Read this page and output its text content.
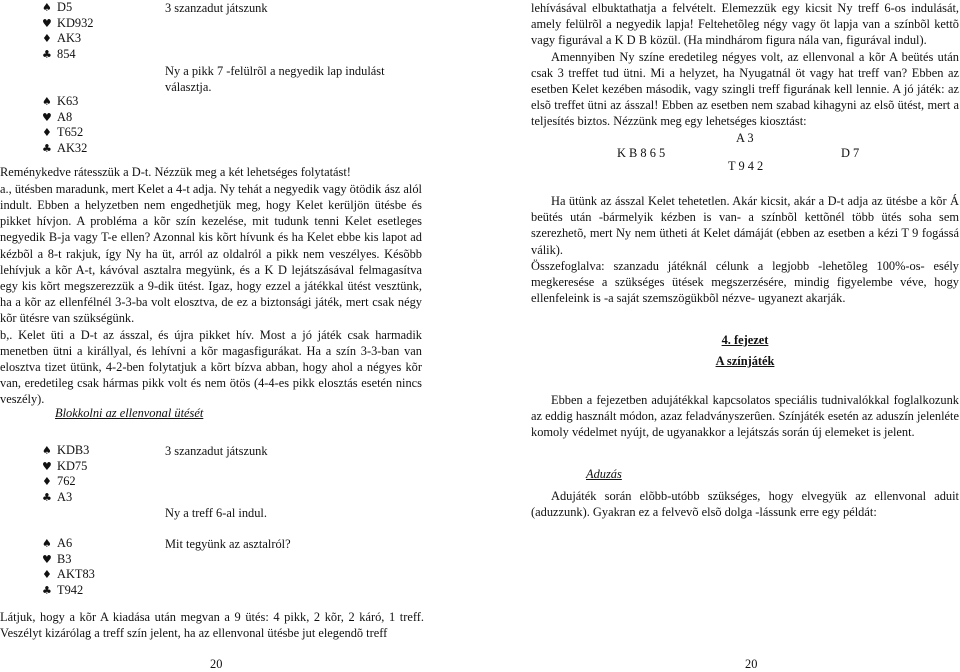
♠ D5
♥ KD932
♦ AK3
♣ 854
3 szanzadut játszunk
Ny a pikk 7 -felülrõl a negyedik lap indulást választja.
♠ K63
♥ A8
♦ T652
♣ AK32

Reménykedve rátesszük a D-t. Nézzük meg a két lehetséges folytatást!

a., ütésben maradunk, mert Kelet a 4-t adja. Ny tehát a negyedik vagy ötödik ász alól indult. Ebben a helyzetben nem engedhetjük meg, hogy Kelet kerüljön ütésbe és pikket hívjon. A probléma a kõr szín kezelése, mit tudunk tenni Kelet esetleges negyedik B-ja vagy T-e ellen? Azonnal kis kõrt hívunk és ha Kelet ebbe kis lapot ad kézbõl a 8-t rakjuk, így Ny ha üt, arról az oldalról a pikk nem veszélyes. Késõbb lehívjuk a kõr A-t, kávóval asztalra megyünk, és a K D lejátszásával felmagasítva egy kis kõrt megszerezzük a 9-dik ütést. Igaz, hogy ezzel a játékkal ütést vesztünk, ha a kõr az ellenfélnél 3-3-ba volt elosztva, de ez a biztonsági játék, mert csak négy kõr ütésre van szükségünk.

b,. Kelet üti a D-t az ásszal, és újra pikket hív. Most a jó játék csak harmadik menetben ütni a királlyal, és lehívni a kõr magasfigurákat. Ha a szín 3-3-ban van elosztva tizet ütünk, 4-2-ben folytatjuk a kõrt bízva abban, hogy ahol a négyes kõr van, eredetileg csak hármas pikk volt és nem ötös (4-4-es pikk elosztás esetén nincs veszély).

Blokkolni az ellenvonal ütését
♠ KDB3
♥ KD75
♦ 762
♣ A3
3 szanzadut játszunk
Ny a treff 6-al indul.
Mit tegyünk az asztalról?
♠ A6
♥ B3
♦ AKT83
♣ T942
Látjuk, hogy a kõr A kiadása után megvan a 9 ütés: 4 pikk, 2 kõr, 2 káró, 1 treff. Veszélyt kizárólag a treff szín jelent, ha az ellenvonal ütésbe jut elegendõ treff
20

lehívásával elbuktathatja a felvételt. Elemezzük egy kicsit Ny treff 6-os indulását, amely felülrõl a negyedik lapja! Feltehetõleg négy vagy öt lapja van a színbõl kettõ vagy figurával a K D B közül. (Ha mindhárom figura nála van, figurával indul).

Amennyiben Ny színe eredetileg négyes volt, az ellenvonal a kõr A beütés után csak 3 treffet tud ütni. Mi a helyzet, ha Nyugatnál öt vagy hat treff van? Ebben az esetben Kelet kezében második, vagy szingli treff figurának kell lennie. A jó játék: az elsõ treffet ütni az ásszal! Ebben az esetben nem szabad kihagyni az elsõ ütést, mert a teljesítés biztos. Nézzünk meg egy lehetséges kiosztást:

A 3
K B 8 6 5	D 7
T 9 4 2

Ha ütünk az ásszal Kelet tehetetlen. Akár kicsit, akár a D-t adja az ütésbe a kõr Á beütés után -bármelyik kézben is van- a színbõl kettõnél több ütés soha sem szerezhetõ, mert Ny nem ütheti át Kelet dámáját (ebben az esetben a kézi T 9 fogássá válik).

Összefoglalva: szanzadu játéknál célunk a legjobb -lehetõleg 100%-os- esély megkeresése a szükséges ütések megszerzésére, mindig figyelembe véve, hogy ellenfeleink is -a saját szemszögükbõl nézve- ugyanezt akarják.

4. fejezet
A színjáték
Ebben a fejezetben adujátékkal kapcsolatos speciális tudnivalókkal foglalkozunk az eddig használt módon, azaz feladványszerûen. Színjáték esetén az aduszín jelenléte komoly védelmet nyújt, de ugyanakkor a lejátszás során új elemeket is jelent.
Aduzás
Adujáték során elõbb-utóbb szükséges, hogy elvegyük az ellenvonal aduit (aduzzunk). Gyakran ez a felvevõ elsõ dolga -lássunk erre egy példát:
20
